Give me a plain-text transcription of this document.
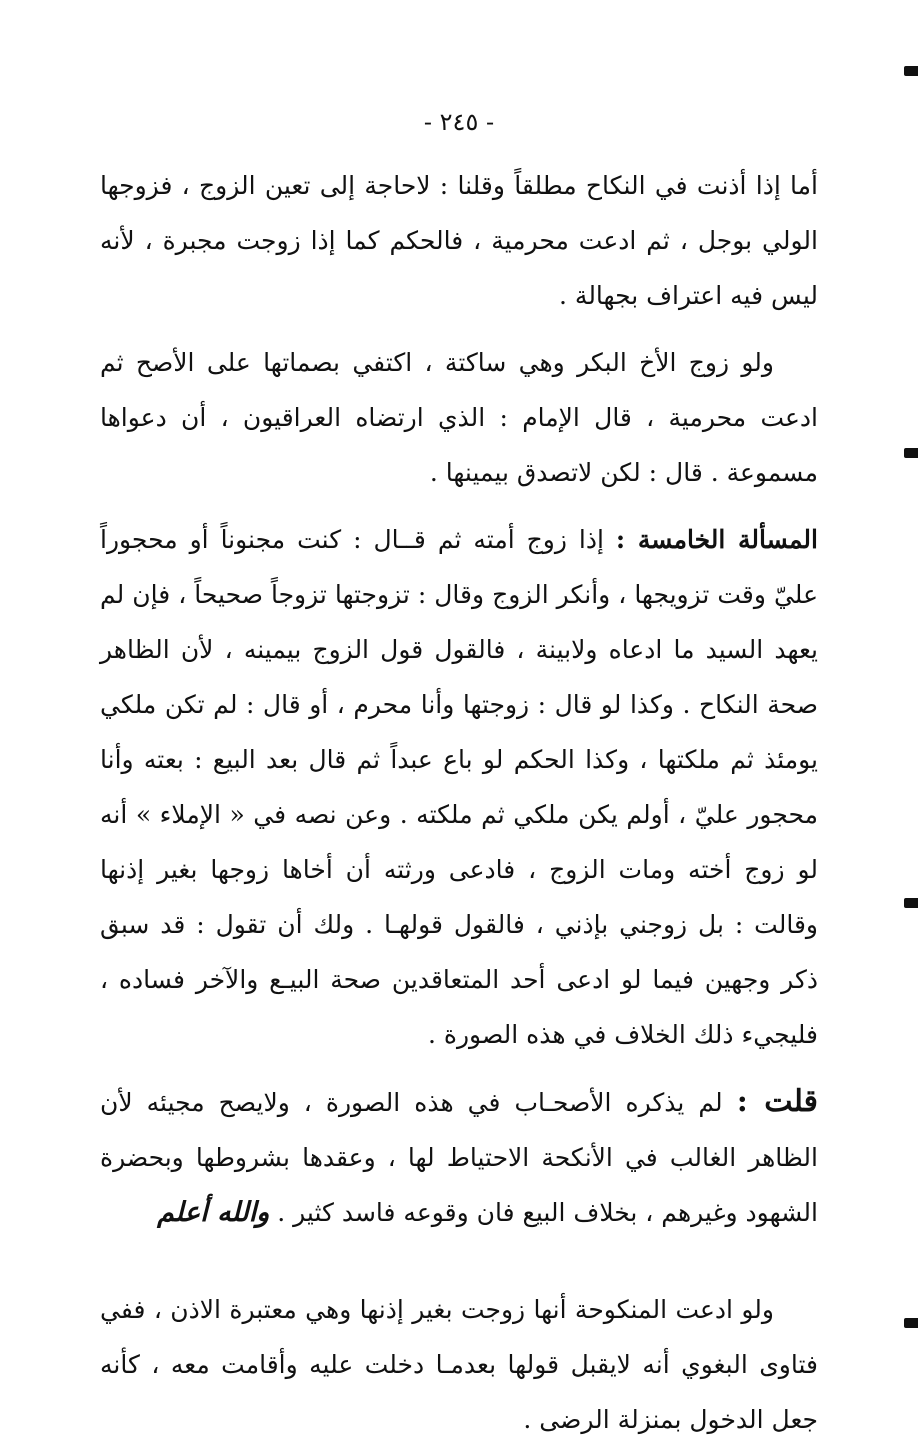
- ٢٤٥ -

أما إذا أذنت في النكاح مطلقاً وقلنا : لاحاجة إلى تعين الزوج ، فزوجها الولي بوجل ، ثم ادعت محرمية ، فالحكم كما إذا زوجت مجبرة ، لأنه ليس فيه اعتراف بجهالة .

ولو زوج الأخ البكر وهي ساكتة ، اكتفي بصماتها على الأصح ثم ادعت محرمية ، قال الإمام : الذي ارتضاه العراقيون ، أن دعواها مسموعة . قال : لكن لاتصدق بيمينها .

المسألة الخامسة : إذا زوج أمته ثم قــال : كنت مجنوناً أو محجوراً عليّ وقت تزويجها ، وأنكر الزوج وقال : تزوجتها تزوجاً صحيحاً ، فإن لم يعهد السيد ما ادعاه ولابينة ، فالقول قول الزوج بيمينه ، لأن الظاهر صحة النكاح . وكذا لو قال : زوجتها وأنا محرم ، أو قال : لم تكن ملكي يومئذ ثم ملكتها ، وكذا الحكم لو باع عبداً ثم قال بعد البيع : بعته وأنا محجور عليّ ، أولم يكن ملكي ثم ملكته . وعن نصه في « الإملاء » أنه لو زوج أخته ومات الزوج ، فادعى ورثته أن أخاها زوجها بغير إذنها وقالت : بل زوجني بإذني ، فالقول قولهـا . ولك أن تقول : قد سبق ذكر وجهين فيما لو ادعى أحد المتعاقدين صحة البيـع والآخر فساده ، فليجيء ذلك الخلاف في هذه الصورة .

قلت : لم يذكره الأصحـاب في هذه الصورة ، ولايصح مجيئه لأن الظاهر الغالب في الأنكحة الاحتياط لها ، وعقدها بشروطها وبحضرة الشهود وغيرهم ، بخلاف البيع فان وقوعه فاسد كثير . والله أعلم

ولو ادعت المنكوحة أنها زوجت بغير إذنها وهي معتبرة الاذن ، ففي فتاوى البغوي أنه لايقبل قولها بعدمـا دخلت عليه وأقامت معه ، كأنه جعل الدخول بمنزلة الرضى .
